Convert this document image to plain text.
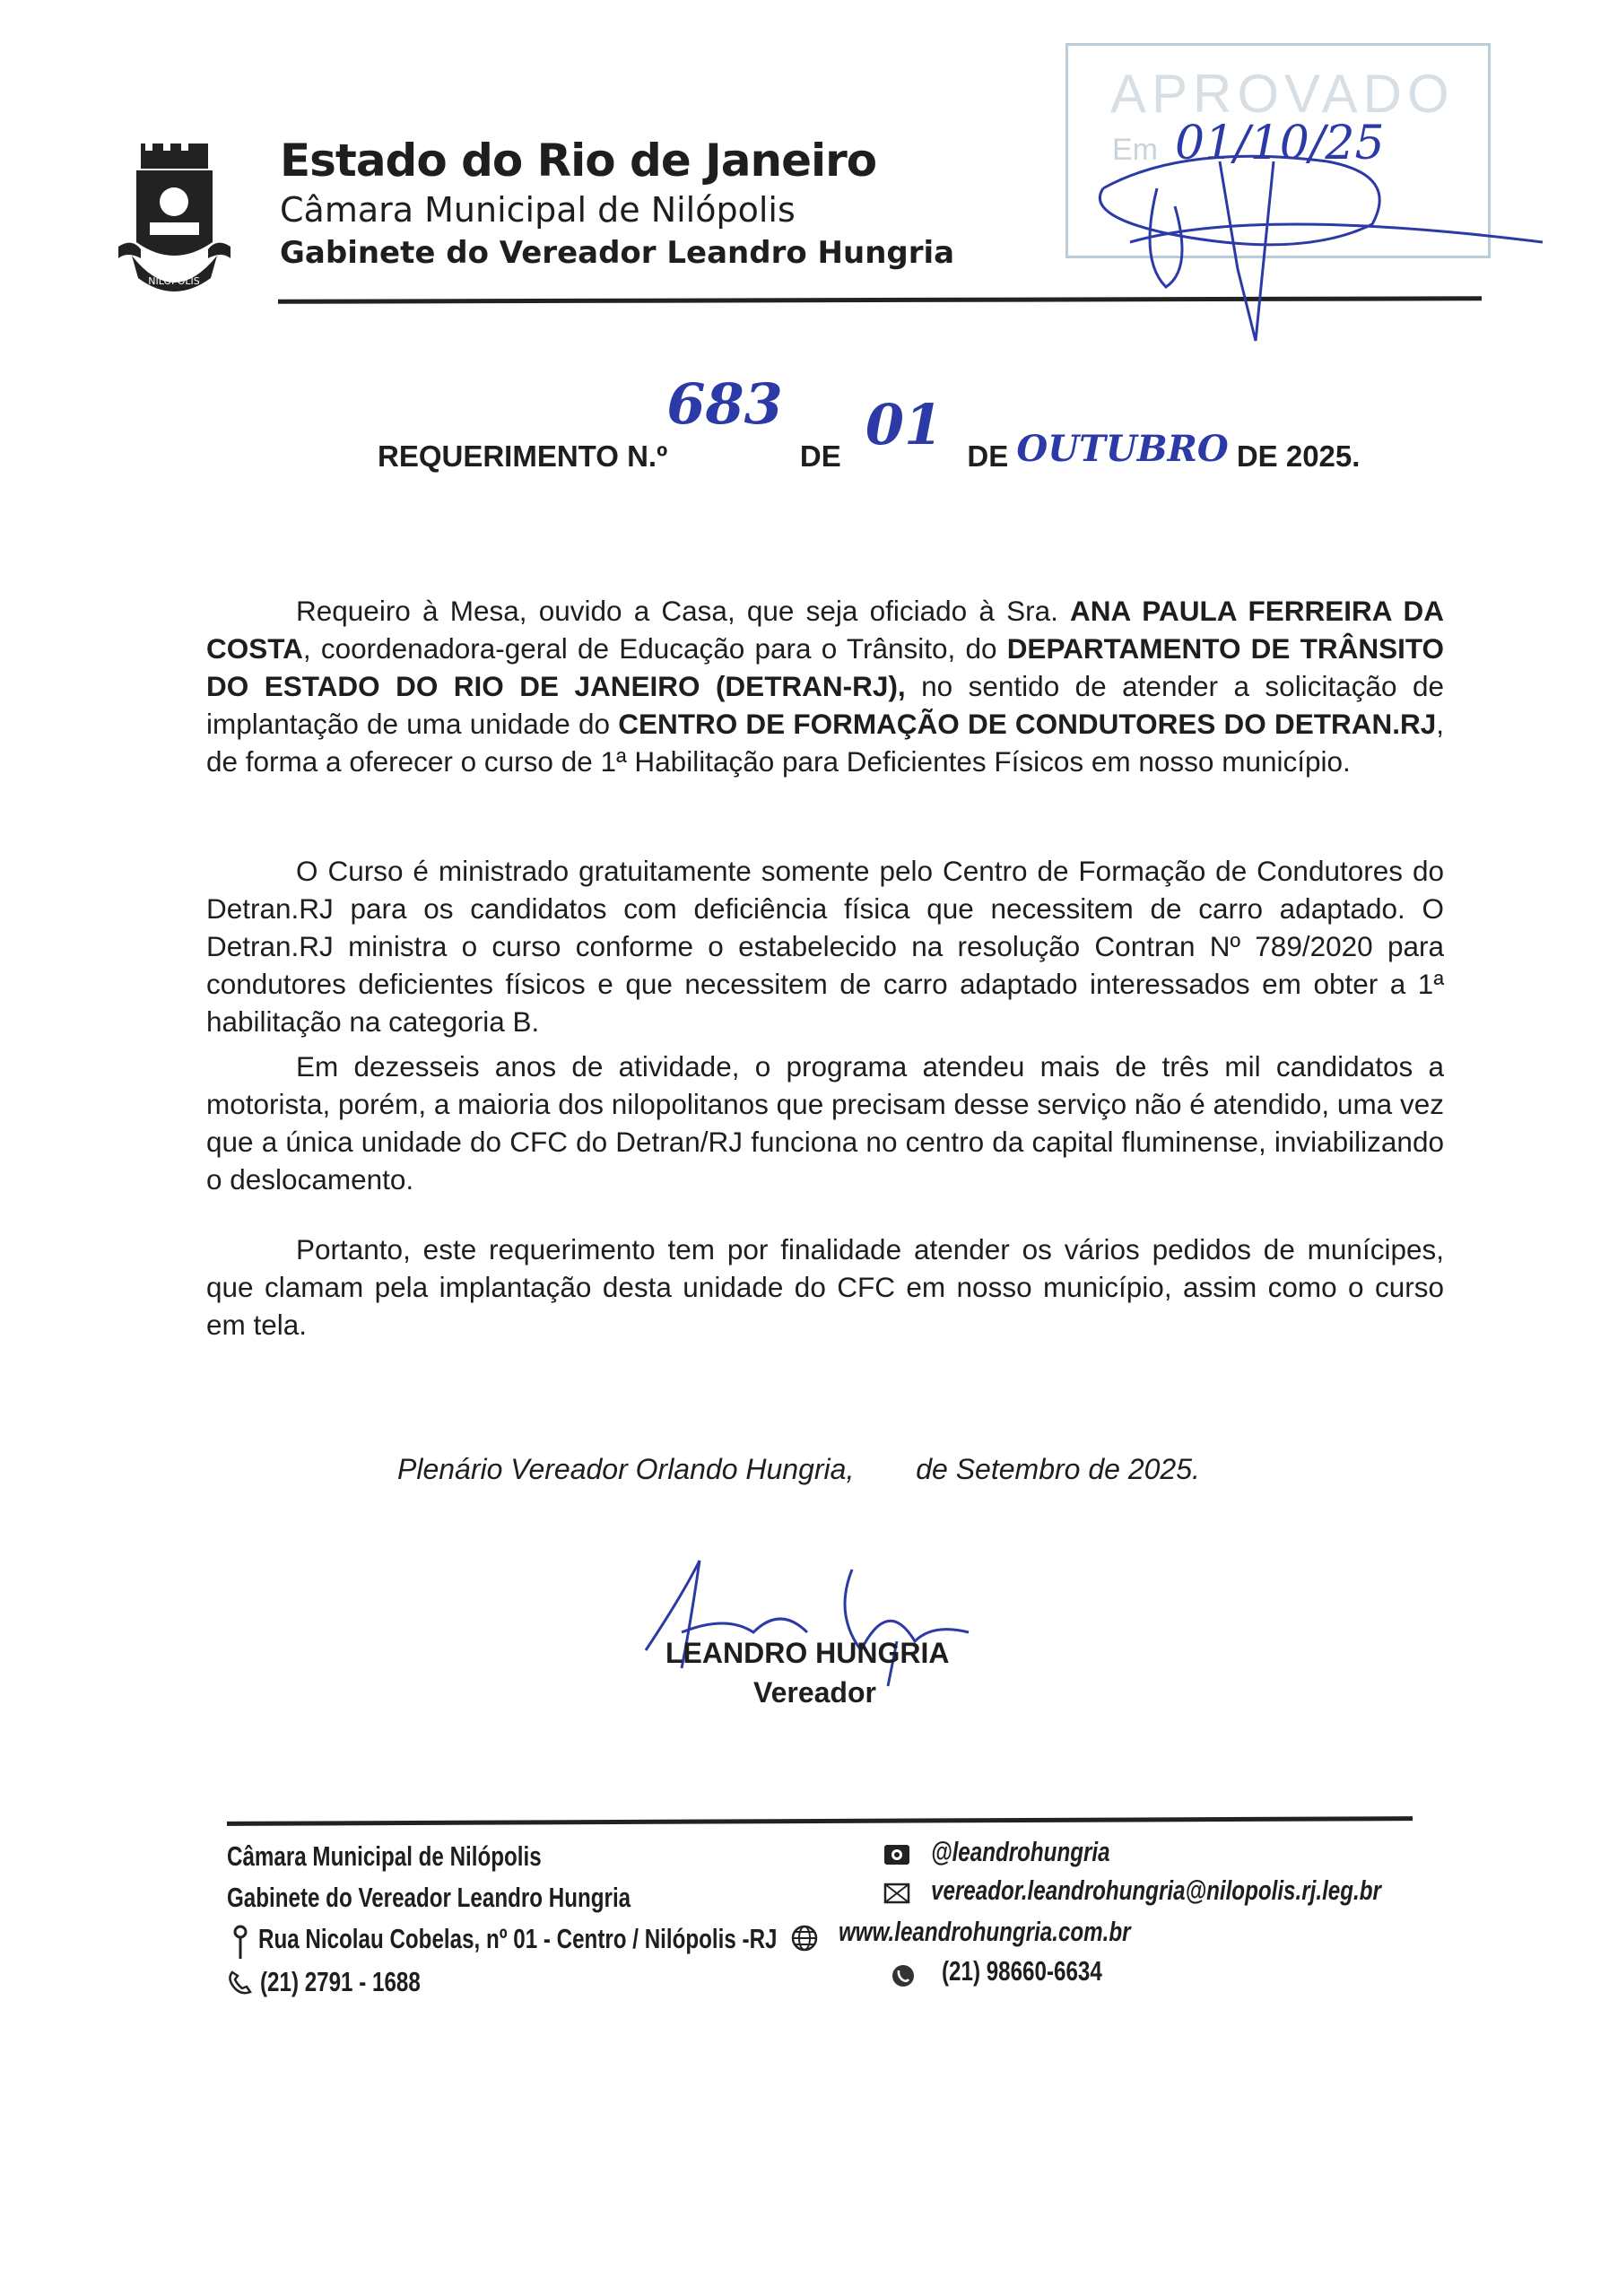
NILÓPOLIS
Estado do Rio de Janeiro
Câmara Municipal de Nilópolis
Gabinete do Vereador Leandro Hungria
APROVADO
Em 01/10/25
REQUERIMENTO N.º 683 DE 01 DE OUTUBRO DE 2025.
Requeiro à Mesa, ouvido a Casa, que seja oficiado à Sra. ANA PAULA FERREIRA DA COSTA, coordenadora-geral de Educação para o Trânsito, do DEPARTAMENTO DE TRÂNSITO DO ESTADO DO RIO DE JANEIRO (DETRAN-RJ), no sentido de atender a solicitação de implantação de uma unidade do CENTRO DE FORMAÇÃO DE CONDUTORES DO DETRAN.RJ, de forma a oferecer o curso de 1ª Habilitação para Deficientes Físicos em nosso município.
O Curso é ministrado gratuitamente somente pelo Centro de Formação de Condutores do Detran.RJ para os candidatos com deficiência física que necessitem de carro adaptado. O Detran.RJ ministra o curso conforme o estabelecido na resolução Contran Nº 789/2020 para condutores deficientes físicos e que necessitem de carro adaptado interessados em obter a 1ª habilitação na categoria B.
Em dezesseis anos de atividade, o programa atendeu mais de três mil candidatos a motorista, porém, a maioria dos nilopolitanos que precisam desse serviço não é atendido, uma vez que a única unidade do CFC do Detran/RJ funciona no centro da capital fluminense, inviabilizando o deslocamento.
Portanto, este requerimento tem por finalidade atender os vários pedidos de munícipes, que clamam pela implantação desta unidade do CFC em nosso município, assim como o curso em tela.
Plenário Vereador Orlando Hungria, de Setembro de 2025.
LEANDRO HUNGRIA
Vereador
Câmara Municipal de Nilópolis
Gabinete do Vereador Leandro Hungria
Rua Nicolau Cobelas, nº 01 - Centro / Nilópolis -RJ
(21) 2791 - 1688
@leandrohungria
vereador.leandrohungria@nilopolis.rj.leg.br
www.leandrohungria.com.br
(21) 98660-6634
